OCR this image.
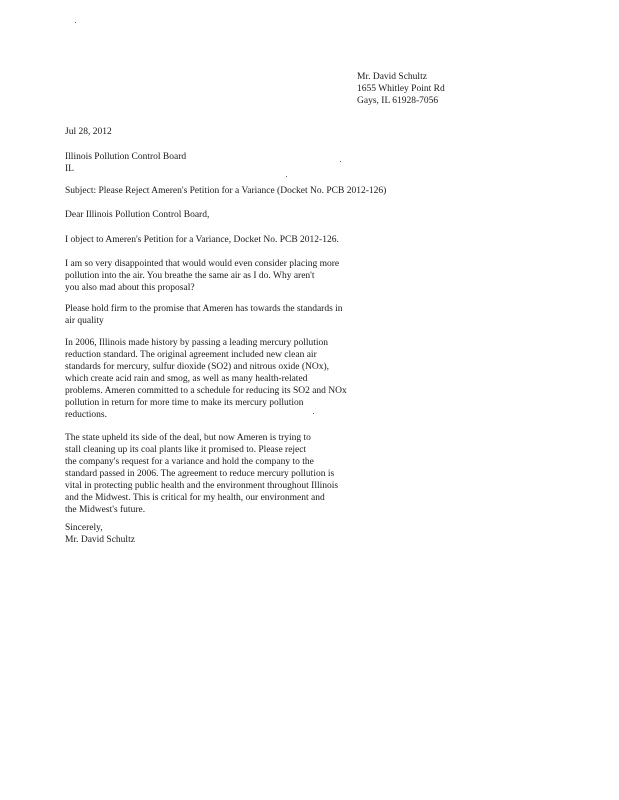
Mr. David Schultz
1655 Whitley Point Rd
Gays, IL 61928-7056
Jul 28, 2012
Illinois Pollution Control Board
IL
Subject: Please Reject Ameren's Petition for a Variance (Docket No. PCB 2012-126)
Dear Illinois Pollution Control Board,
I object to Ameren's Petition for a Variance, Docket No. PCB 2012-126.
I am so very disappointed that would would even consider placing more
pollution into the air. You breathe the same air as I do. Why aren't
you also mad about this proposal?
Please hold firm to the promise that Ameren has towards the standards in
air quality
In 2006, Illinois made history by passing a leading mercury pollution
reduction standard. The original agreement included new clean air
standards for mercury, sulfur dioxide (SO2) and nitrous oxide (NOx),
which create acid rain and smog, as well as many health-related
problems. Ameren committed to a schedule for reducing its SO2 and NOx
pollution in return for more time to make its mercury pollution
reductions.
The state upheld its side of the deal, but now Ameren is trying to
stall cleaning up its coal plants like it promised to. Please reject
the company's request for a variance and hold the company to the
standard passed in 2006. The agreement to reduce mercury pollution is
vital in protecting public health and the environment throughout Illinois
and the Midwest. This is critical for my health, our environment and
the Midwest's future.
Sincerely,
Mr. David Schultz
